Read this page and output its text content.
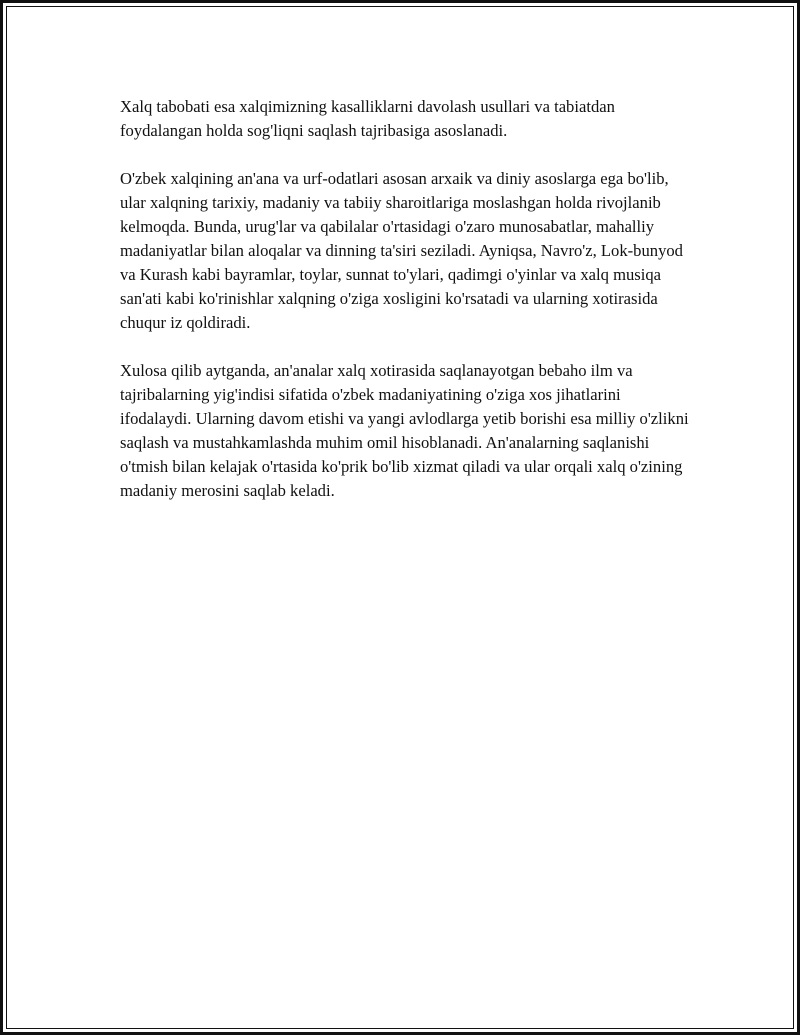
Xalq tabobati esa xalqimizning kasalliklarni davolash usullari va tabiatdan foydalangan holda sog'liqni saqlash tajribasiga asoslanadi.

O'zbek xalqining an'ana va urf-odatlari asosan arxaik va diniy asoslarga ega bo'lib, ular xalqning tarixiy, madaniy va tabiiy sharoitlariga moslashgan holda rivojlanib kelmoqda. Bunda, urug'lar va qabilalar o'rtasidagi o'zaro munosabatlar, mahalliy madaniyatlar bilan aloqalar va dinning ta'siri seziladi. Ayniqsa, Navro'z, Lok-bunyod va Kurash kabi bayramlar, toylar, sunnat to'ylari, qadimgi o'yinlar va xalq musiqa san'ati kabi ko'rinishlar xalqning o'ziga xosligini ko'rsatadi va ularning xotirasida chuqur iz qoldiradi.

Xulosa qilib aytganda, an'analar xalq xotirasida saqlanayotgan bebaho ilm va tajribalarning yig'indisi sifatida o'zbek madaniyatining o'ziga xos jihatlarini ifodalaydi. Ularning davom etishi va yangi avlodlarga yetib borishi esa milliy o'zlikni saqlash va mustahkamlashda muhim omil hisoblanadi. An'analarning saqlanishi o'tmish bilan kelajak o'rtasida ko'prik bo'lib xizmat qiladi va ular orqali xalq o'zining madaniy merosini saqlab keladi.
